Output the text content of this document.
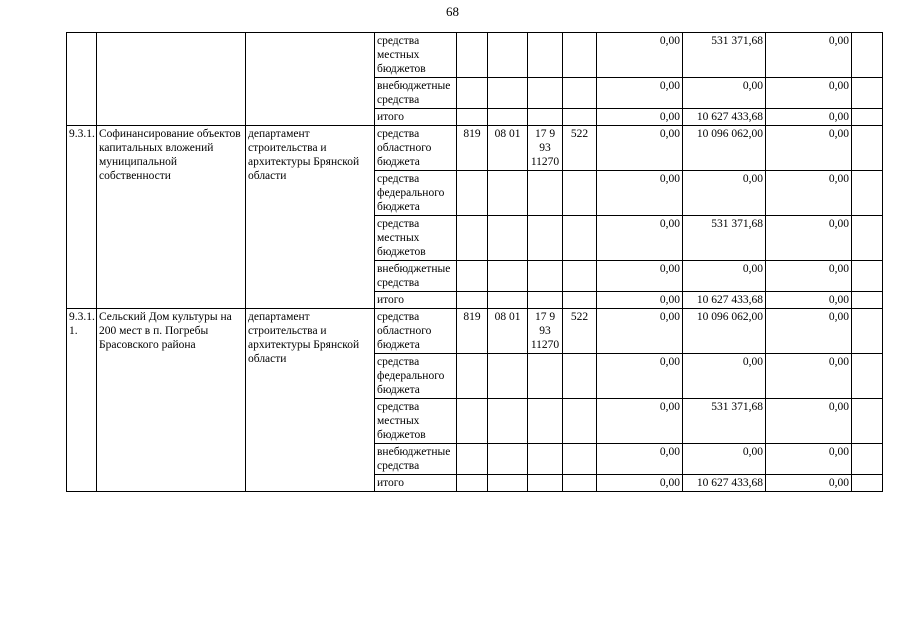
68
			средства местных бюджетов					0,00	531 371,68	0,00	
			внебюджетные средства					0,00	0,00	0,00	
			итого					0,00	10 627 433,68	0,00	
9.3.1.	Софинансирование объектов капитальных вложений муниципальной собственности	департамент строительства и архитектуры Брянской области	средства областного бюджета	819	08 01	17 9 93 11270	522	0,00	10 096 062,00	0,00	
			средства федерального бюджета					0,00	0,00	0,00	
			средства местных бюджетов					0,00	531 371,68	0,00	
			внебюджетные средства					0,00	0,00	0,00	
			итого					0,00	10 627 433,68	0,00	
9.3.1. 1.	Сельский Дом культуры на 200 мест в п. Погребы Брасовского района	департамент строительства и архитектуры Брянской области	средства областного бюджета	819	08 01	17 9 93 11270	522	0,00	10 096 062,00	0,00	
			средства федерального бюджета					0,00	0,00	0,00	
			средства местных бюджетов					0,00	531 371,68	0,00	
			внебюджетные средства					0,00	0,00	0,00	
			итого					0,00	10 627 433,68	0,00	
